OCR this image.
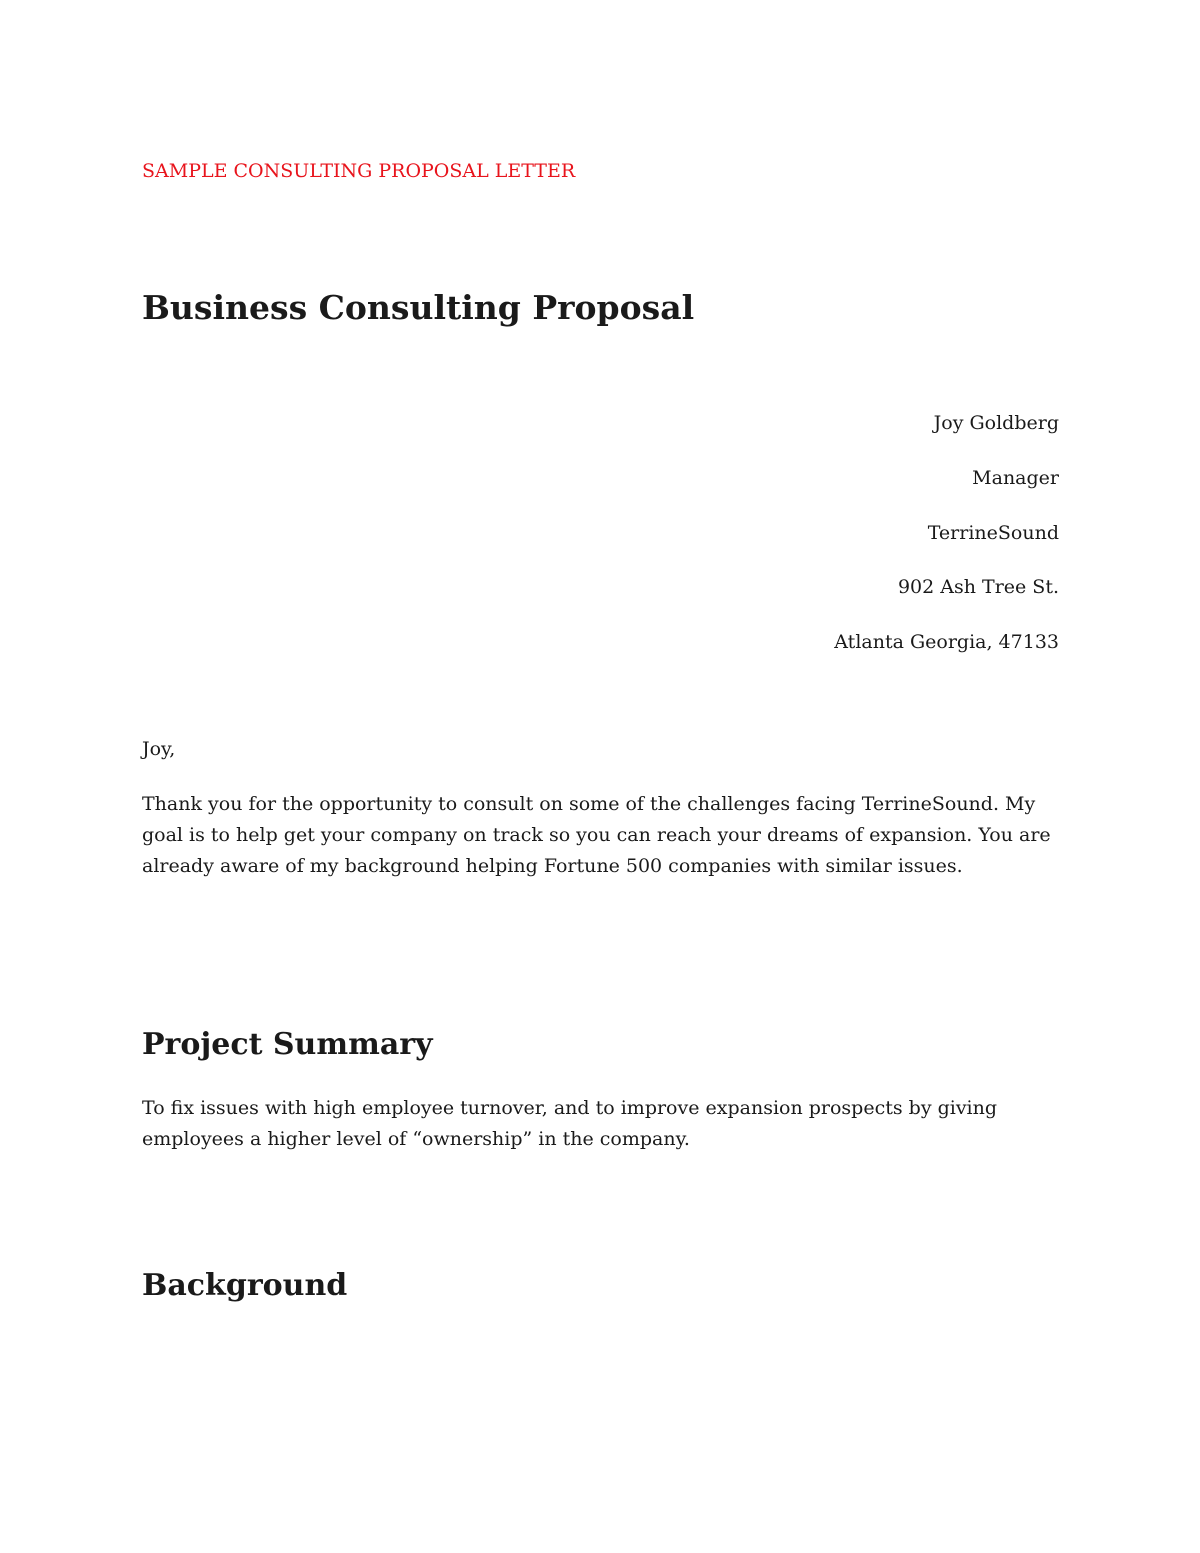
SAMPLE CONSULTING PROPOSAL LETTER

Business Consulting Proposal

Joy Goldberg

Manager

TerrineSound

902 Ash Tree St.

Atlanta Georgia, 47133

Joy,

Thank you for the opportunity to consult on some of the challenges facing TerrineSound. My goal is to help get your company on track so you can reach your dreams of expansion. You are already aware of my background helping Fortune 500 companies with similar issues.

Project Summary

To fix issues with high employee turnover, and to improve expansion prospects by giving employees a higher level of “ownership” in the company.

Background
